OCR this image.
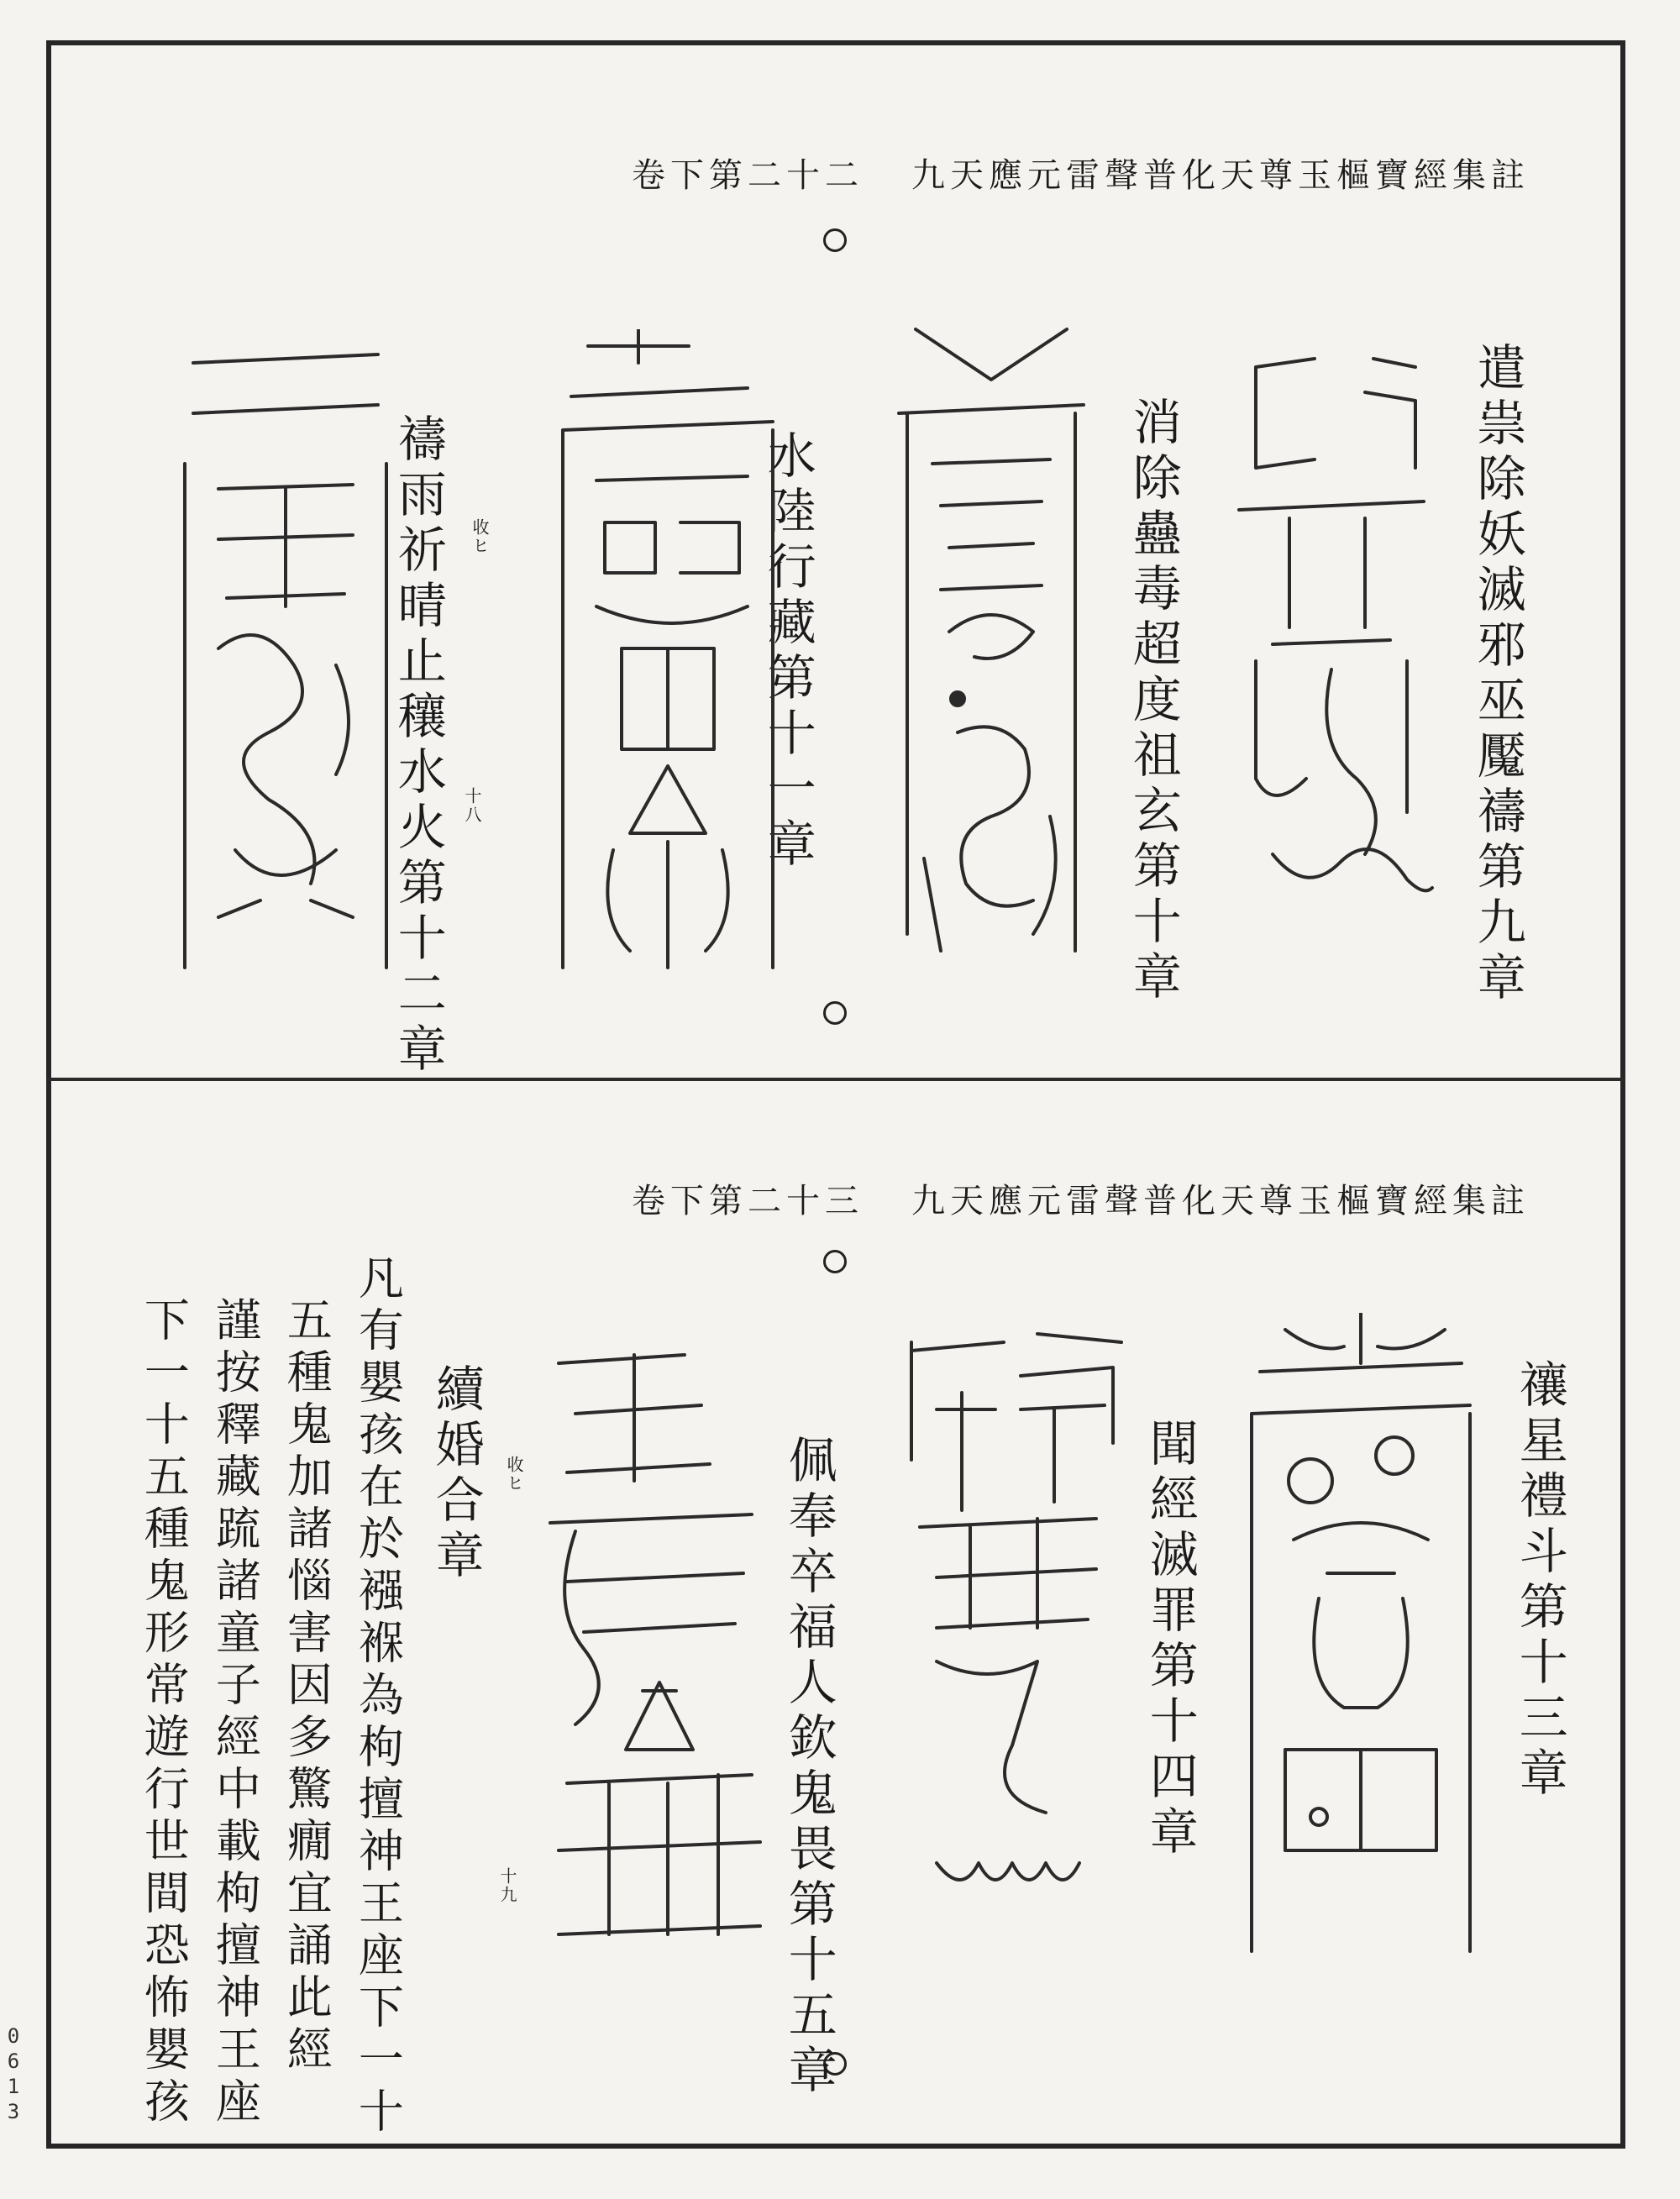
九天應元雷聲普化天尊玉樞寶經集註
卷下第二十二
遣祟除妖滅邪巫魘禱第九章
消除蠱毒超度祖玄第十章
水陸行藏第十一章
禱雨祈晴止穰水火第十二章 收ヒ
十八
九天應元雷聲普化天尊玉樞寶經集註
卷下第二十三
禳星禮斗第十三章
聞經滅罪第十四章
佩奉卒福人欽鬼畏第十五章
續婚合章 收ヒ
十九
凡有嬰孩在於襁褓為枸擅神王座下一十
五種鬼加諸惱害因多驚癇宜誦此經
謹按釋藏䟽諸童子經中載枸擅神王座
下一十五種鬼形常遊行世間恐怖嬰孩
0613
